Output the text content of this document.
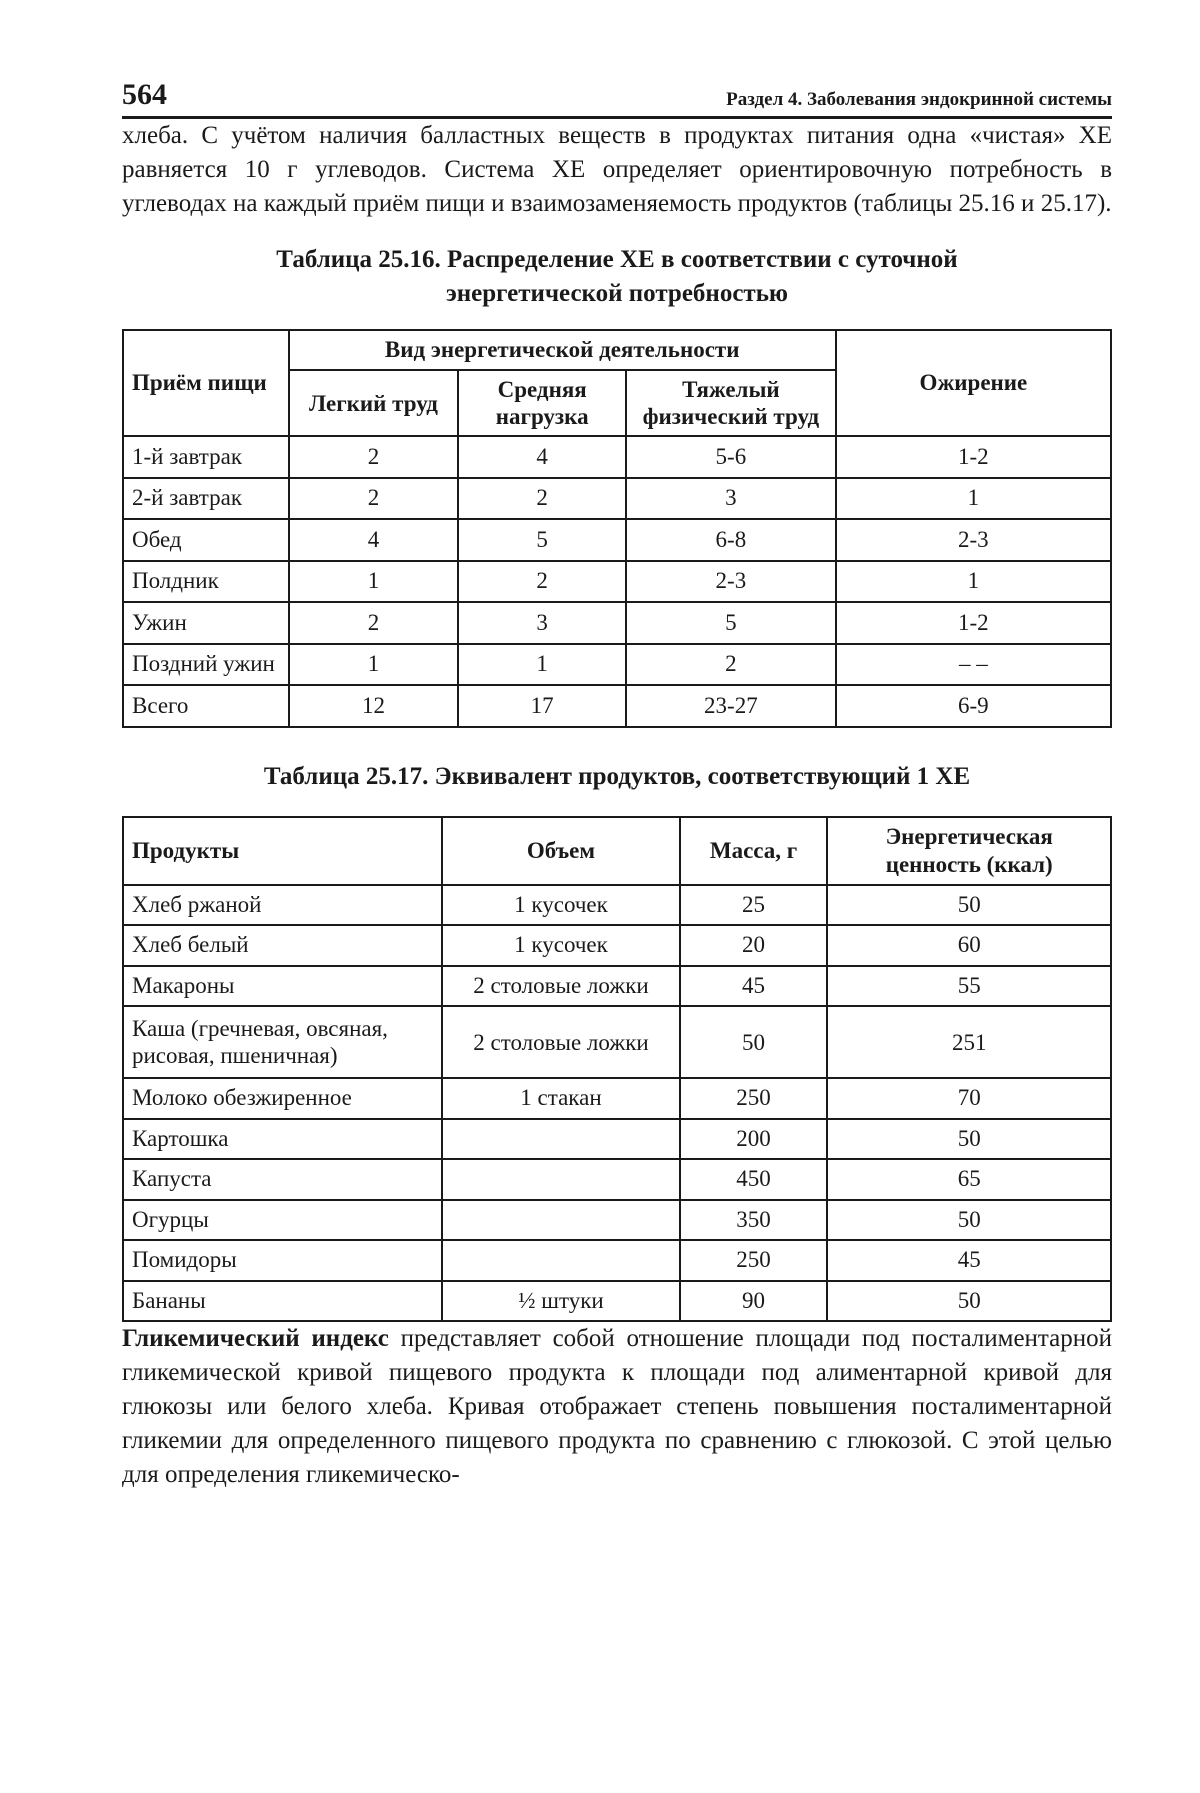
564	Раздел 4. Заболевания эндокринной системы

хлеба. С учётом наличия балластных веществ в продуктах питания одна «чистая» ХЕ равняется 10 г углеводов. Система ХЕ определяет ориентировочную потребность в углеводах на каждый приём пищи и взаимозаменяемость продуктов (таблицы 25.16 и 25.17).

Таблица 25.16. Распределение ХЕ в соответствии с суточной

энергетической потребностью

Приём пищи	Вид энергетической деятельности			Ожирение
	Легкий труд	Средняя нагрузка	Тяжелый физический труд	
1-й завтрак	2	4	5-6	1-2
2-й завтрак	2	2	3	1
Обед	4	5	6-8	2-3
Полдник	1	2	2-3	1
Ужин	2	3	5	1-2
Поздний ужин	1	1	2	– –
Всего	12	17	23-27	6-9

Таблица 25.17. Эквивалент продуктов, соответствующий 1 ХЕ

Продукты	Объем	Масса, г	Энергетическая ценность (ккал)
Хлеб ржаной	1 кусочек	25	50
Хлеб белый	1 кусочек	20	60
Макароны	2 столовые ложки	45	55
Каша (гречневая, овсяная, рисовая, пшеничная)	2 столовые ложки	50	251
Молоко обезжиренное	1 стакан	250	70
Картошка		200	50
Капуста		450	65
Огурцы		350	50
Помидоры		250	45
Бананы	½ штуки	90	50

Гликемический индекс представляет собой отношение площади под посталиментарной гликемической кривой пищевого продукта к площади под алиментарной кривой для глюкозы или белого хлеба. Кривая отображает степень повышения посталиментарной гликемии для определенного пищевого продукта по сравнению с глюкозой. С этой целью для определения гликемическо-
